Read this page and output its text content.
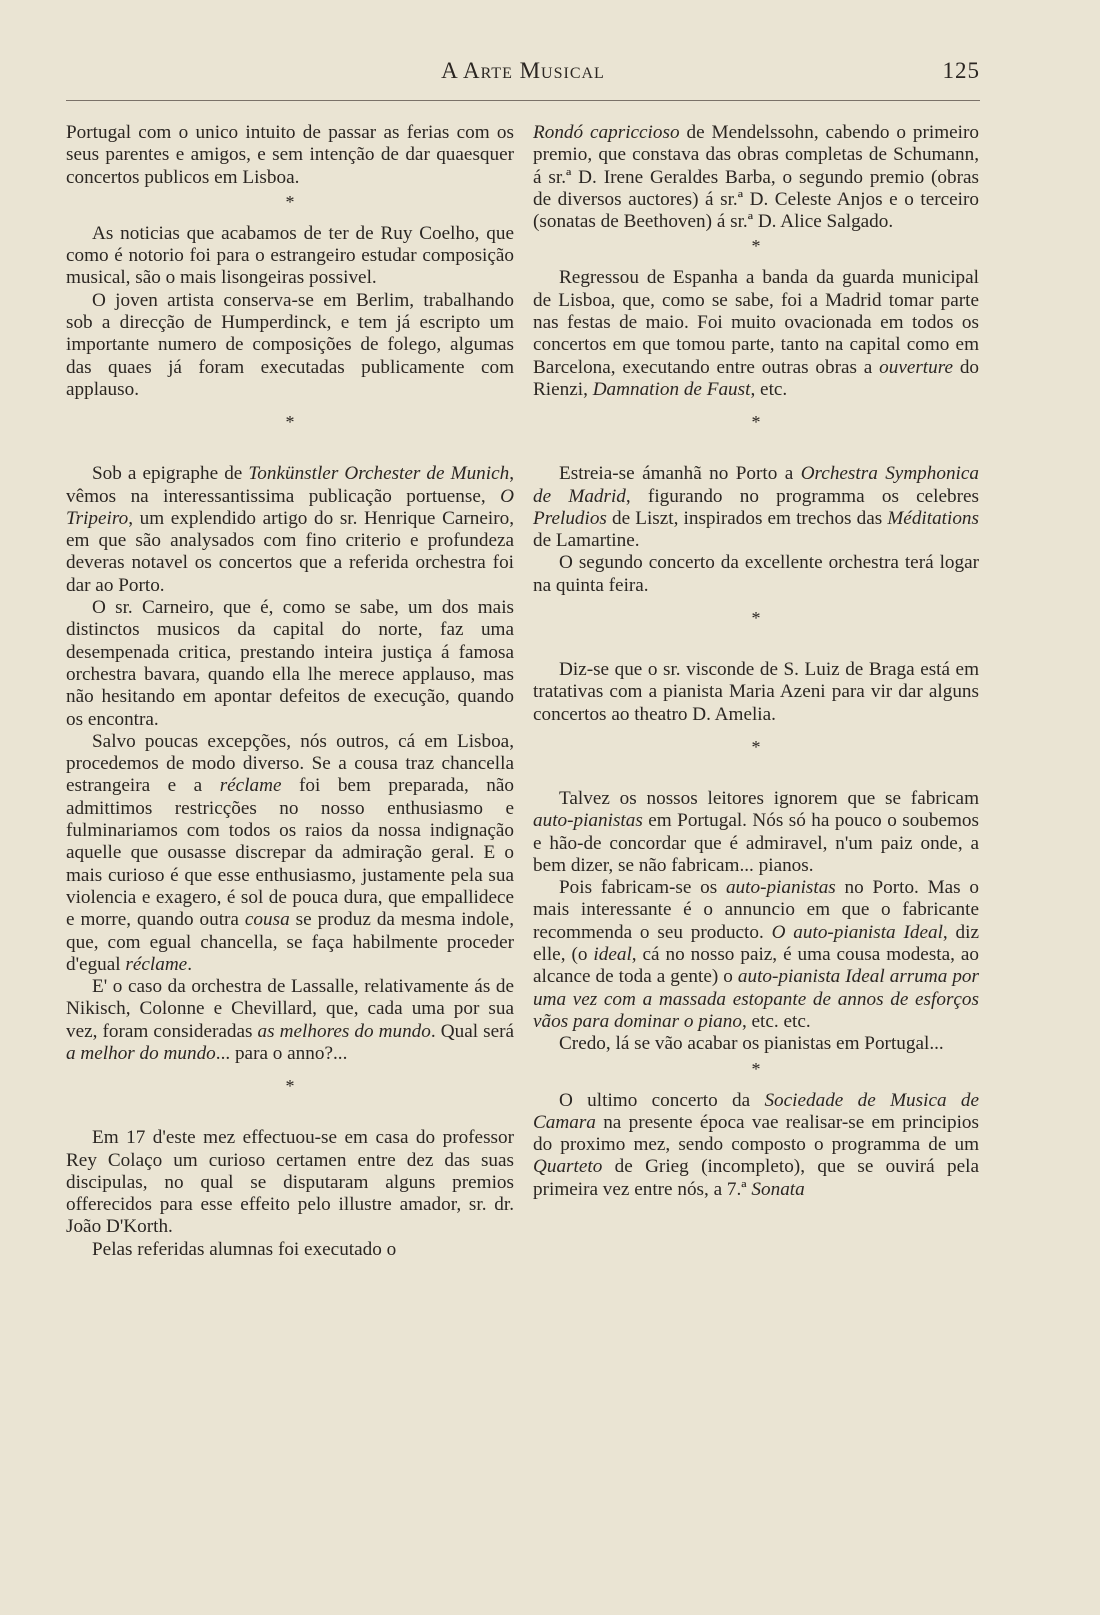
A Arte Musical	125

Portugal com o unico intuito de passar as ferias com os seus parentes e amigos, e sem intenção de dar quaesquer concertos publicos em Lisboa.

*

As noticias que acabamos de ter de Ruy Coelho, que como é notorio foi para o estrangeiro estudar composição musical, são o mais lisongeiras possivel.

O joven artista conserva-se em Berlim, trabalhando sob a direcção de Humperdinck, e tem já escripto um importante numero de composições de folego, algumas das quaes já foram executadas publicamente com applauso.

*

Sob a epigraphe de Tonkünstler Orchester de Munich, vêmos na interessantissima publicação portuense, O Tripeiro, um explendido artigo do sr. Henrique Carneiro, em que são analysados com fino criterio e profundeza deveras notavel os concertos que a referida orchestra foi dar ao Porto.

O sr. Carneiro, que é, como se sabe, um dos mais distinctos musicos da capital do norte, faz uma desempenada critica, prestando inteira justiça á famosa orchestra bavara, quando ella lhe merece applauso, mas não hesitando em apontar defeitos de execução, quando os encontra.

Salvo poucas excepções, nós outros, cá em Lisboa, procedemos de modo diverso. Se a cousa traz chancella estrangeira e a réclame foi bem preparada, não admittimos restricções no nosso enthusiasmo e fulminariamos com todos os raios da nossa indignação aquelle que ousasse discrepar da admiração geral. E o mais curioso é que esse enthusiasmo, justamente pela sua violencia e exagero, é sol de pouca dura, que empallidece e morre, quando outra cousa se produz da mesma indole, que, com egual chancella, se faça habilmente proceder d'egual réclame.

E' o caso da orchestra de Lassalle, relativamente ás de Nikisch, Colonne e Chevillard, que, cada uma por sua vez, foram consideradas as melhores do mundo. Qual será a melhor do mundo... para o anno?...

*

Em 17 d'este mez effectuou-se em casa do professor Rey Colaço um curioso certamen entre dez das suas discipulas, no qual se disputaram alguns premios offerecidos para esse effeito pelo illustre amador, sr. dr. João D'Korth.

Pelas referidas alumnas foi executado o

Rondó capriccioso de Mendelssohn, cabendo o primeiro premio, que constava das obras completas de Schumann, á sr.ª D. Irene Geraldes Barba, o segundo premio (obras de diversos auctores) á sr.ª D. Celeste Anjos e o terceiro (sonatas de Beethoven) á sr.ª D. Alice Salgado.

*

Regressou de Espanha a banda da guarda municipal de Lisboa, que, como se sabe, foi a Madrid tomar parte nas festas de maio. Foi muito ovacionada em todos os concertos em que tomou parte, tanto na capital como em Barcelona, executando entre outras obras a ouverture do Rienzi, Damnation de Faust, etc.

*

Estreia-se ámanhã no Porto a Orchestra Symphonica de Madrid, figurando no programma os celebres Preludios de Liszt, inspirados em trechos das Méditations de Lamartine.

O segundo concerto da excellente orchestra terá logar na quinta feira.

*

Diz-se que o sr. visconde de S. Luiz de Braga está em tratativas com a pianista Maria Azeni para vir dar alguns concertos ao theatro D. Amelia.

*

Talvez os nossos leitores ignorem que se fabricam auto-pianistas em Portugal. Nós só ha pouco o soubemos e hão-de concordar que é admiravel, n'um paiz onde, a bem dizer, se não fabricam... pianos.

Pois fabricam-se os auto-pianistas no Porto. Mas o mais interessante é o annuncio em que o fabricante recommenda o seu producto. O auto-pianista Ideal, diz elle, (o ideal, cá no nosso paiz, é uma cousa modesta, ao alcance de toda a gente) o auto-pianista Ideal arruma por uma vez com a massada estopante de annos de esforços vãos para dominar o piano, etc. etc.

Credo, lá se vão acabar os pianistas em Portugal...

*

O ultimo concerto da Sociedade de Musica de Camara na presente época vae realisar-se em principios do proximo mez, sendo composto o programma de um Quarteto de Grieg (incompleto), que se ouvirá pela primeira vez entre nós, a 7.ª Sonata
